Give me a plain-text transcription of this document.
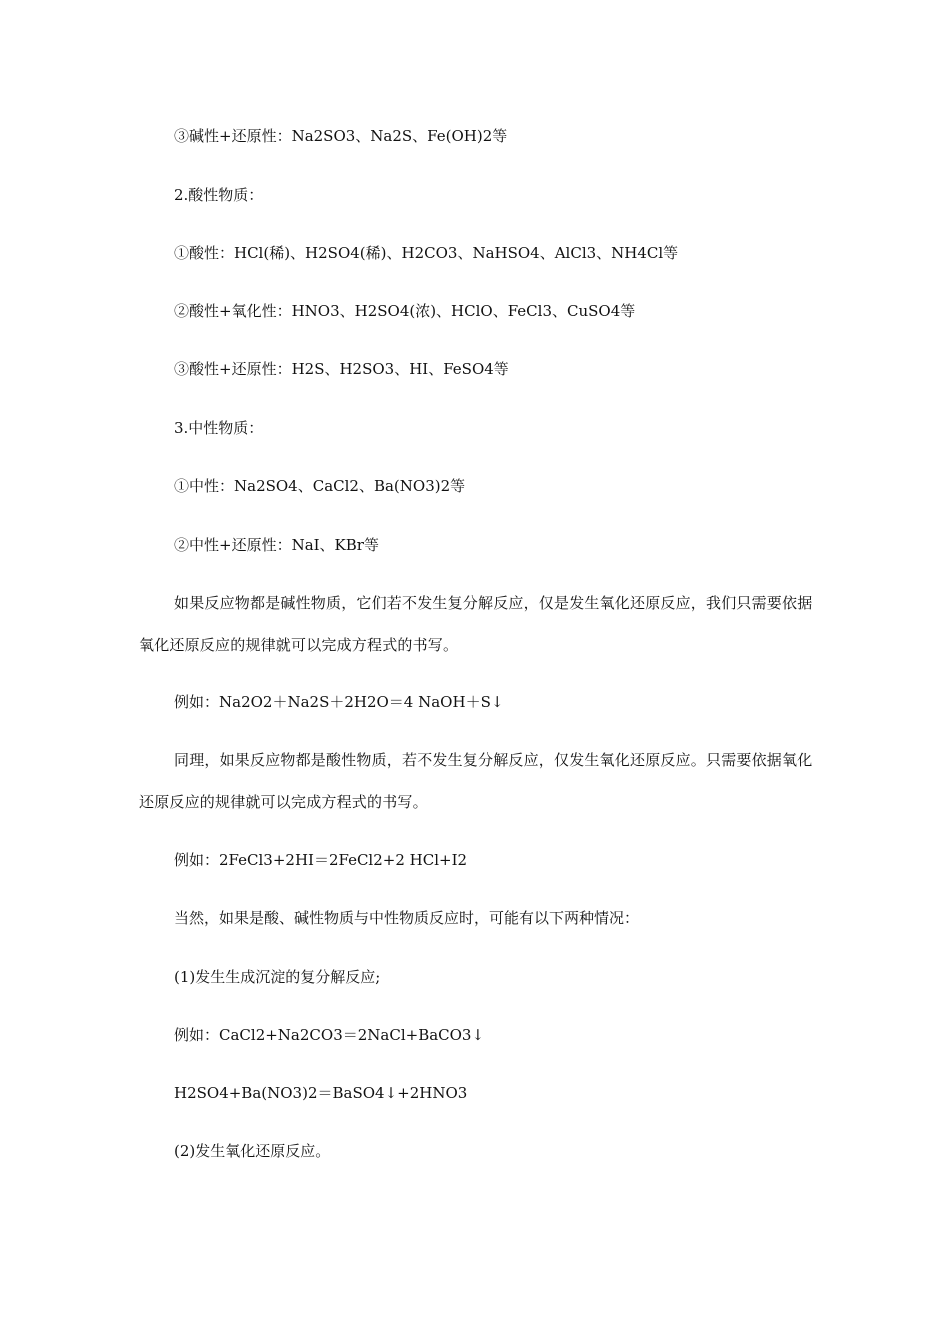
③碱性+还原性：Na2SO3、Na2S、Fe(OH)2等

2.酸性物质：

①酸性：HCl(稀)、H2SO4(稀)、H2CO3、NaHSO4、AlCl3、NH4Cl等

②酸性+氧化性：HNO3、H2SO4(浓)、HClO、FeCl3、CuSO4等

③酸性+还原性：H2S、H2SO3、HI、FeSO4等

3.中性物质：

①中性：Na2SO4、CaCl2、Ba(NO3)2等

②中性+还原性：NaI、KBr等

如果反应物都是碱性物质，它们若不发生复分解反应，仅是发生氧化还原反应，我们只需要依据氧化还原反应的规律就可以完成方程式的书写。

例如：Na2O2＋Na2S＋2H2O＝4 NaOH＋S↓

同理，如果反应物都是酸性物质，若不发生复分解反应，仅发生氧化还原反应。只需要依据氧化还原反应的规律就可以完成方程式的书写。

例如：2FeCl3+2HI＝2FeCl2+2 HCl+I2

当然，如果是酸、碱性物质与中性物质反应时，可能有以下两种情况：

(1)发生生成沉淀的复分解反应;

例如：CaCl2+Na2CO3＝2NaCl+BaCO3↓

H2SO4+Ba(NO3)2＝BaSO4↓+2HNO3

(2)发生氧化还原反应。
